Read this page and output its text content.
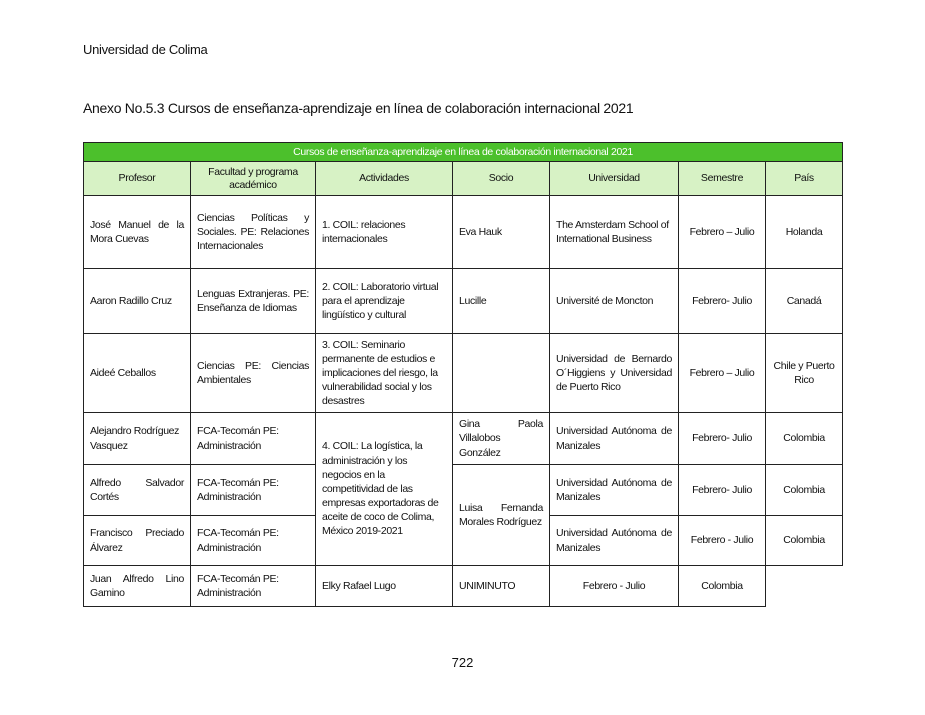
Universidad de Colima
Anexo No.5.3 Cursos de enseñanza-aprendizaje en línea de colaboración internacional 2021
Cursos de enseñanza-aprendizaje en línea de colaboración internacional 2021						
Profesor	Facultad y programa académico	Actividades	Socio	Universidad	Semestre	País
José Manuel de la Mora Cuevas	Ciencias Políticas y Sociales. PE: Relaciones Internacionales	1. COIL: relaciones internacionales	Eva Hauk	The Amsterdam School of International Business	Febrero – Julio	Holanda
Aaron Radillo Cruz	Lenguas Extranjeras. PE: Enseñanza de Idiomas	2. COIL: Laboratorio virtual para el aprendizaje lingüístico y cultural	Lucille	Université de Moncton	Febrero- Julio	Canadá
Aideé Ceballos	Ciencias PE: Ciencias Ambientales	3. COIL: Seminario permanente de estudios e implicaciones del riesgo, la vulnerabilidad social y los desastres		Universidad de Bernardo O´Higgiens y Universidad de Puerto Rico	Febrero – Julio	Chile y Puerto Rico
Alejandro Rodríguez Vasquez	FCA-Tecomán PE: Administración	4. COIL: La logística, la administración y los negocios en la competitividad de las empresas exportadoras de aceite de coco de Colima, México 2019-2021	Gina Paola Villalobos González	Universidad Autónoma de Manizales	Febrero- Julio	Colombia
Alfredo Salvador Cortés	FCA-Tecomán PE: Administración		Luisa Fernanda Morales Rodríguez	Universidad Autónoma de Manizales	Febrero- Julio	Colombia
Francisco Preciado Álvarez	FCA-Tecomán PE: Administración			Universidad Autónoma de Manizales	Febrero - Julio	Colombia
Juan Alfredo Lino Gamino	FCA-Tecomán PE: Administración	Elky Rafael Lugo	UNIMINUTO	Febrero - Julio	Colombia	
722
